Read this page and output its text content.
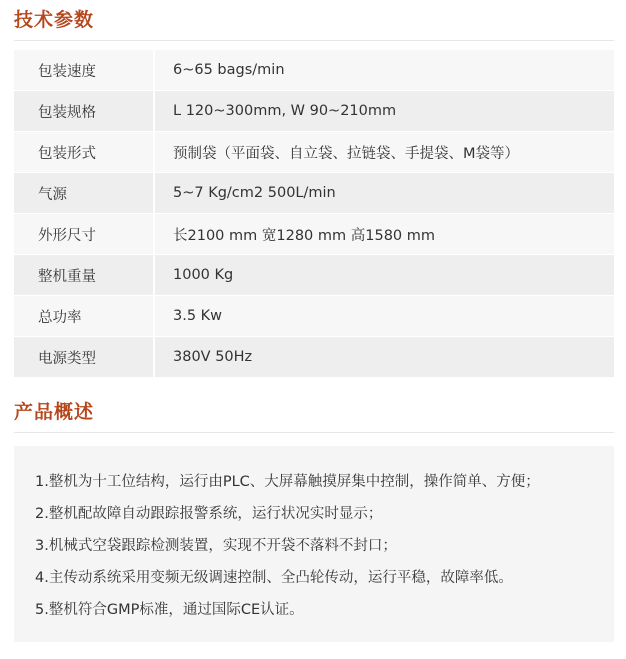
技术参数
包装速度	6~65 bags/min
包装规格	L 120~300mm, W 90~210mm
包装形式	预制袋（平面袋、自立袋、拉链袋、手提袋、M袋等）
气源	5~7 Kg/cm2 500L/min
外形尺寸	长2100 mm 宽1280 mm 高1580 mm
整机重量	1000 Kg
总功率	3.5 Kw
电源类型	380V 50Hz
产品概述

1.整机为十工位结构，运行由PLC、大屏幕触摸屏集中控制，操作简单、方便；

2.整机配故障自动跟踪报警系统，运行状况实时显示；

3.机械式空袋跟踪检测装置，实现不开袋不落料不封口；

4.主传动系统采用变频无级调速控制、全凸轮传动，运行平稳，故障率低。

5.整机符合GMP标准，通过国际CE认证。
